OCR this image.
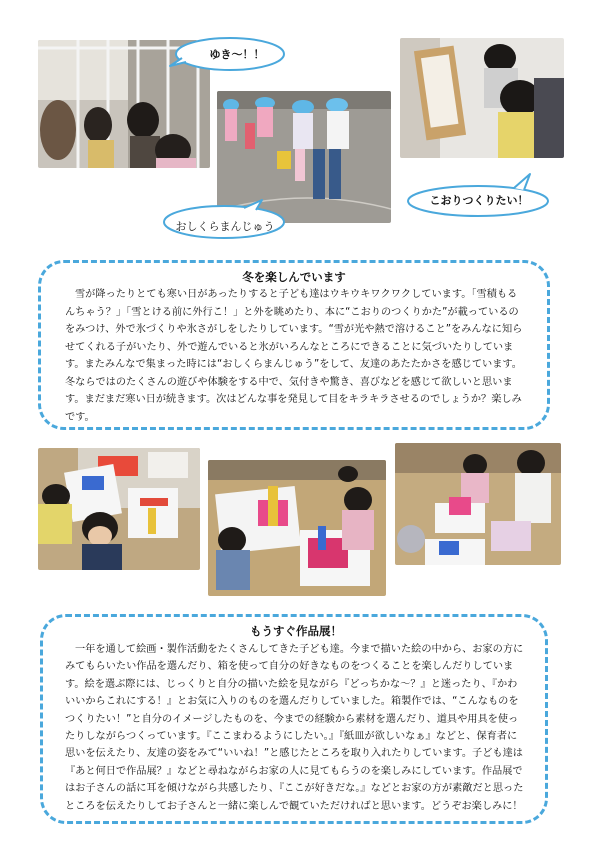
ゆき～！！
おしくらまんじゅう
こおりつくりたい！
冬を楽しんでいます

雪が降ったりとても寒い日があったりすると子ども達はウキウキワクワクしています。「雪積もるんちゃう？」「雪とける前に外行こ！」と外を眺めたり、本に“こおりのつくりかた”が載っているのをみつけ、外で氷づくりや氷さがしをしたりしています。“雪が光や熱で溶けること”をみんなに知らせてくれる子がいたり、外で遊んでいると氷がいろんなところにできることに気づいたりしています。またみんなで集まった時には“おしくらまんじゅう”をして、友達のあたたかさを感じています。冬ならではのたくさんの遊びや体験をする中で、気付きや驚き、喜びなどを感じて欲しいと思います。まだまだ寒い日が続きます。次はどんな事を発見して目をキラキラさせるのでしょうか？楽しみです。

もうすぐ作品展！

一年を通して絵画・製作活動をたくさんしてきた子ども達。今まで描いた絵の中から、お家の方にみてもらいたい作品を選んだり、箱を使って自分の好きなものをつくることを楽しんだりしています。絵を選ぶ際には、じっくりと自分の描いた絵を見ながら『どっちかな～？』と迷ったり、『かわいいからこれにする！』とお気に入りのものを選んだりしていました。箱製作では、“こんなものをつくりたい！”と自分のイメージしたものを、今までの経験から素材を選んだり、道具や用具を使ったりしながらつくっています。『ここまわるようにしたい。』『紙皿が欲しいなぁ』などと、保育者に思いを伝えたり、友達の姿をみて“いいね！”と感じたところを取り入れたりしています。子ども達は『あと何日で作品展？』などと尋ねながらお家の人に見てもらうのを楽しみにしています。作品展ではお子さんの話に耳を傾けながら共感したり、『ここが好きだな。』などとお家の方が素敵だと思ったところを伝えたりしてお子さんと一緒に楽しんで観ていただければと思います。どうぞお楽しみに！
